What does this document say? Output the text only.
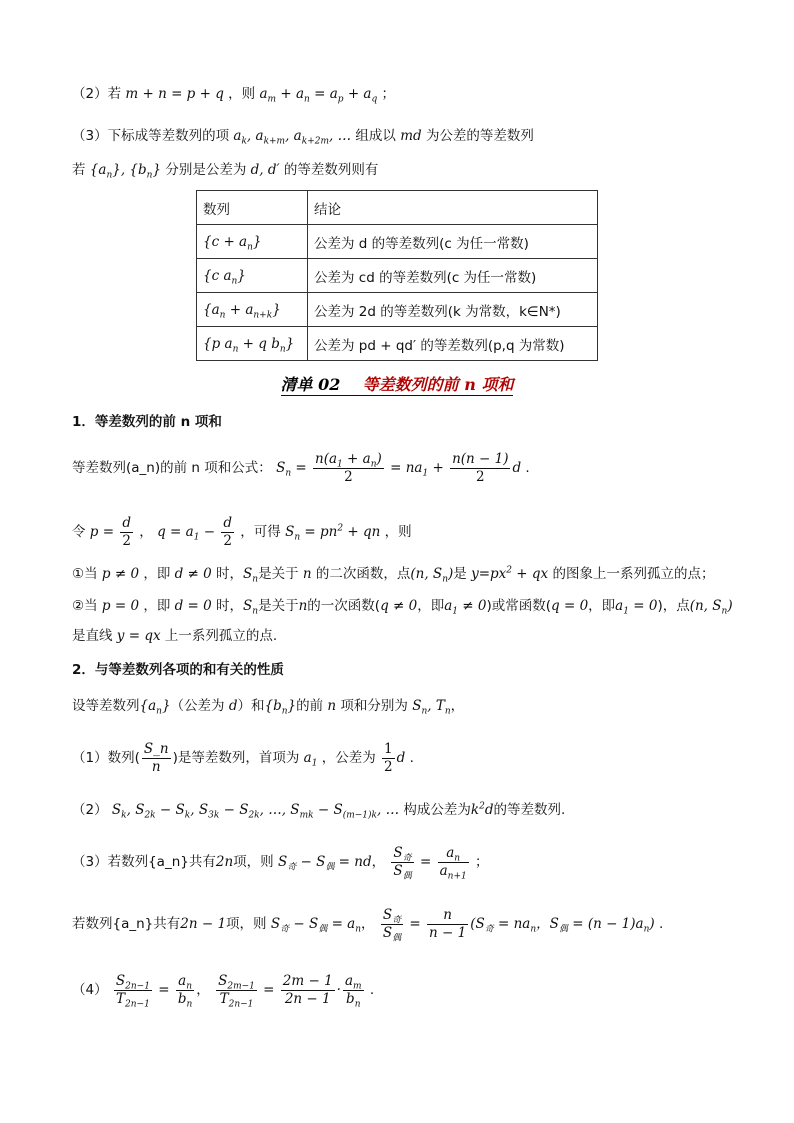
（2）若 m + n = p + q ，则 $a_m + a_n = a_p + a_q$ ；
（3）下标成等差数列的项 $a_k$, $a_{k+m}$, $a_{k+2m}$, … 组成以 md 为公差的等差数列
若 $\{a_n\}$, $\{b_n\}$ 分别是公差为 d, d′ 的等差数列则有
数列	结论
$\{c + a_n\}$	公差为 d 的等差数列(c 为任一常数)
{c $a_n$}	公差为 cd 的等差数列(c 为任一常数)
$\{a_n + a_{n+k}\}$	公差为 2d 的等差数列(k 为常数，k∈N*)
{p $a_n + q$ $b_n$}	公差为 pd + qd′ 的等差数列(p,q 为常数)
清单 02 等差数列的前 n 项和
1．等差数列的前 n 项和
等差数列(a_n)的前 n 项和公式： $S_n = \frac{n(a_1 + a_n)}{2} = na_1 + \frac{n(n - 1)}{2}$ d .
令 $p = \frac{d}{2}$ ， $q = a_1 - \frac{d}{2}$ ，可得 $S_n = pn^2$ + qn ，则
①当 p ≠ 0 ，即 d ≠ 0 时，$S_n$是关于 n 的二次函数，点(n, $S_n$)是 $y=px^2$ + qx 的图象上一系列孤立的点；
②当 p = 0 ，即 d = 0 时，$S_n$是关于n的一次函数(q ≠ 0，即$a_1 \ne 0$)或常函数(q = 0，即$a_1 = 0$)，点(n, $S_n$)
是直线 y = qx 上一系列孤立的点.
2．与等差数列各项的和有关的性质
设等差数列$\{a_n\}$（公差为 d）和$\{b_n\}$的前 n 项和分别为 $S_n$, $T_n$，
（1）数列( $\frac{S\_n}{n}$ )是等差数列，首项为 $a_1$ ，公差为 $\frac{1}{2}$ d .
（2） $S_k$, $S_{2k} - S_k$, $S_{3k} - S_{2k}$, …, $S_{mk} - S_{(m-1)k}$, … 构成公差为$k^2d$的等差数列.
（3）若数列{a_n}共有2n项，则 $S_奇 - S_偶$ = nd， $\frac{S_奇}{S_偶} = \frac{a_n}{a_{n+1}}$ ；
若数列{a_n}共有2n − 1项，则 $S_奇 - S_偶 = a_n$， $\frac{S_奇}{S_偶} = \frac{n}{n - 1} (S_奇 = na_n$，$S_偶 = (n - 1)a_n$) .
$(4) \frac{S_{2n-1}}{T_{2n-1}} = \frac{a_n}{b_n}$ ， $\frac{S_{2m-1}}{T_{2n-1}} = \frac{2m - 1}{2n - 1} \cdot \frac{a_m}{b_n}$ .
